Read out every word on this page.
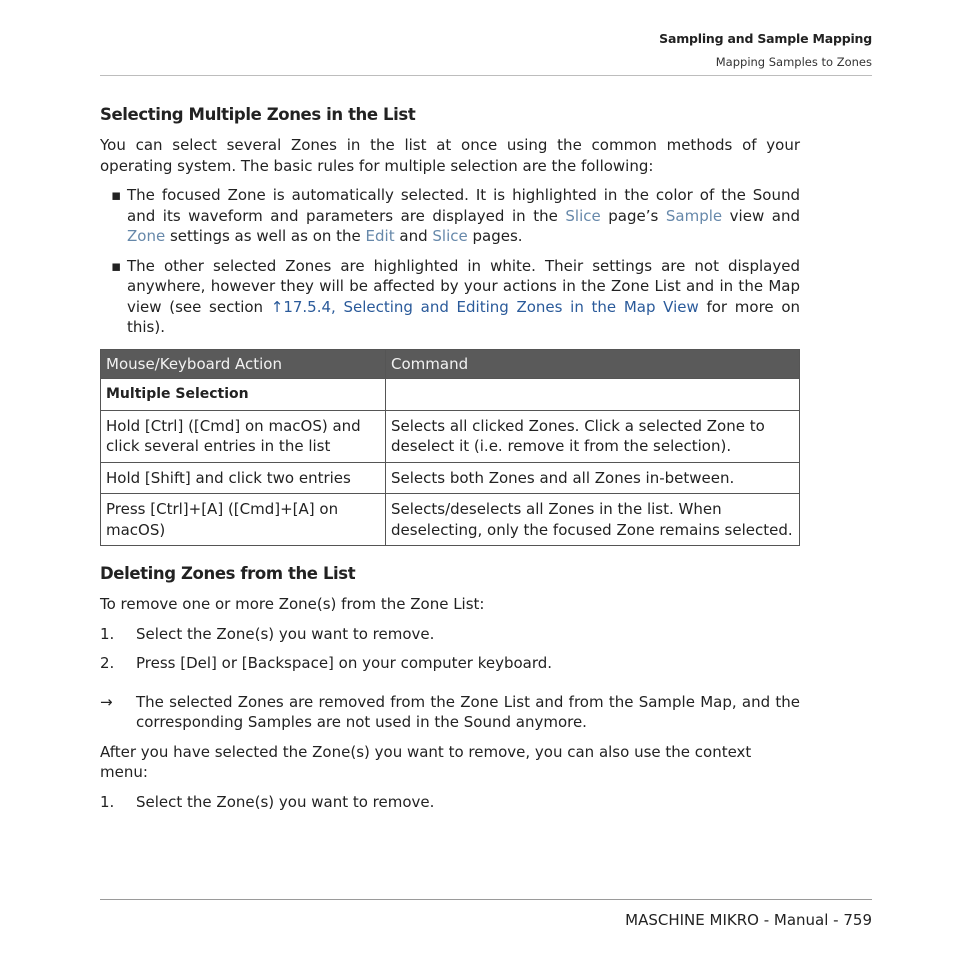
Sampling and Sample Mapping
Mapping Samples to Zones
Selecting Multiple Zones in the List

You can select several Zones in the list at once using the common methods of your operating system. The basic rules for multiple selection are the following:

▪ The focused Zone is automatically selected. It is highlighted in the color of the Sound and its waveform and parameters are displayed in the Slice page’s Sample view and Zone settings as well as on the Edit and Slice pages.
▪ The other selected Zones are highlighted in white. Their settings are not displayed anywhere, however they will be affected by your actions in the Zone List and in the Map view (see section ↑17.5.4, Selecting and Editing Zones in the Map View for more on this).
Mouse/Keyboard Action	Command
Multiple Selection	
Hold [Ctrl] ([Cmd] on macOS) and click several entries in the list	Selects all clicked Zones. Click a selected Zone to deselect it (i.e. remove it from the selection).
Hold [Shift] and click two entries	Selects both Zones and all Zones in-between.
Press [Ctrl]+[A] ([Cmd]+[A] on macOS)	Selects/deselects all Zones in the list. When deselecting, only the focused Zone remains selected.
Deleting Zones from the List

To remove one or more Zone(s) from the Zone List:

1. Select the Zone(s) you want to remove.
2. Press [Del] or [Backspace] on your computer keyboard.
→ The selected Zones are removed from the Zone List and from the Sample Map, and the corresponding Samples are not used in the Sound anymore.

After you have selected the Zone(s) you want to remove, you can also use the context menu:

1. Select the Zone(s) you want to remove.
MASCHINE MIKRO - Manual - 759
